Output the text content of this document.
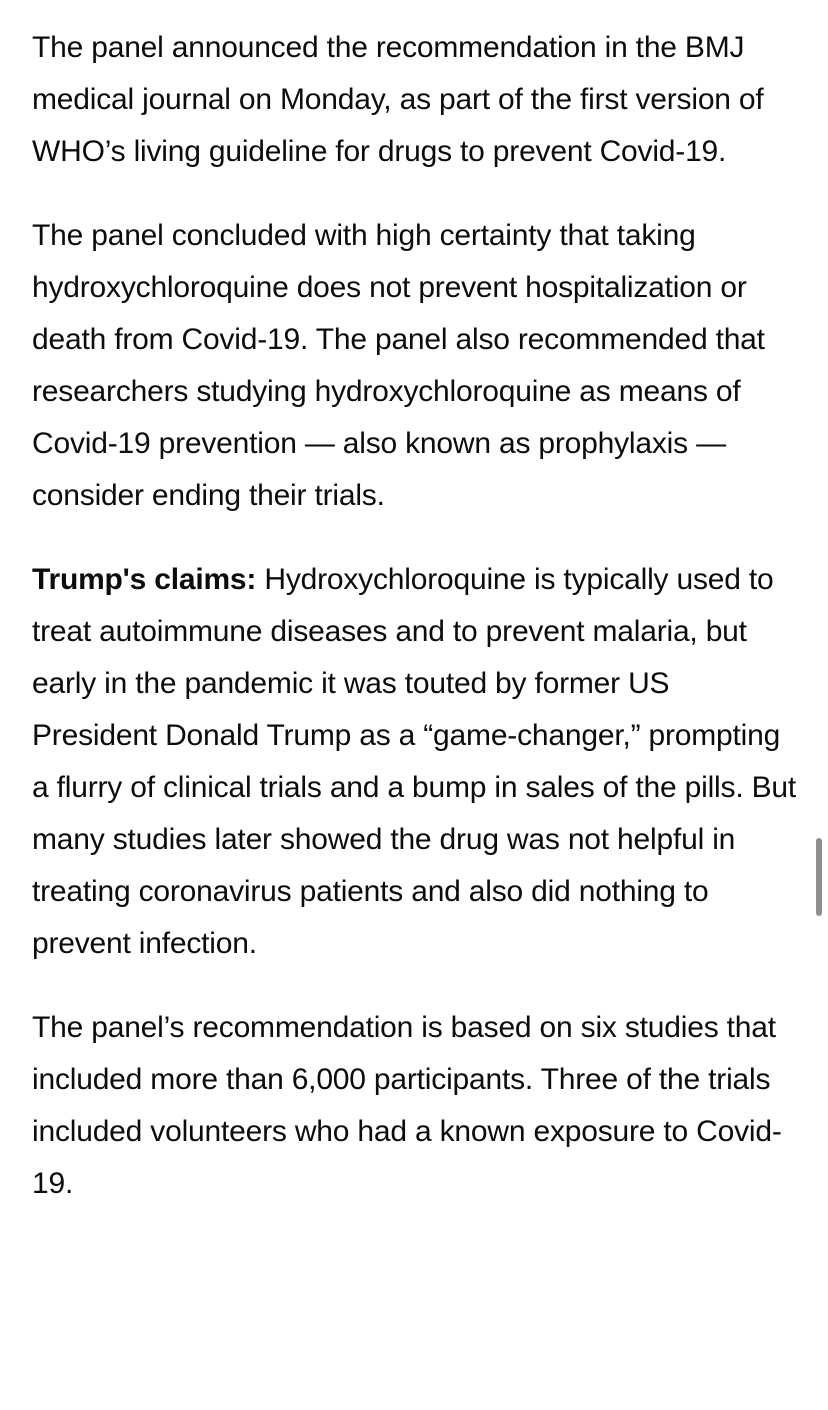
The panel announced the recommendation in the BMJ medical journal on Monday, as part of the first version of WHO’s living guideline for drugs to prevent Covid-19.

The panel concluded with high certainty that taking hydroxychloroquine does not prevent hospitalization or death from Covid-19. The panel also recommended that researchers studying hydroxychloroquine as means of Covid-19 prevention — also known as prophylaxis — consider ending their trials.

Trump's claims: Hydroxychloroquine is typically used to treat autoimmune diseases and to prevent malaria, but early in the pandemic it was touted by former US President Donald Trump as a “game-changer,” prompting a flurry of clinical trials and a bump in sales of the pills. But many studies later showed the drug was not helpful in treating coronavirus patients and also did nothing to prevent infection.

The panel’s recommendation is based on six studies that included more than 6,000 participants. Three of the trials included volunteers who had a known exposure to Covid-19.
